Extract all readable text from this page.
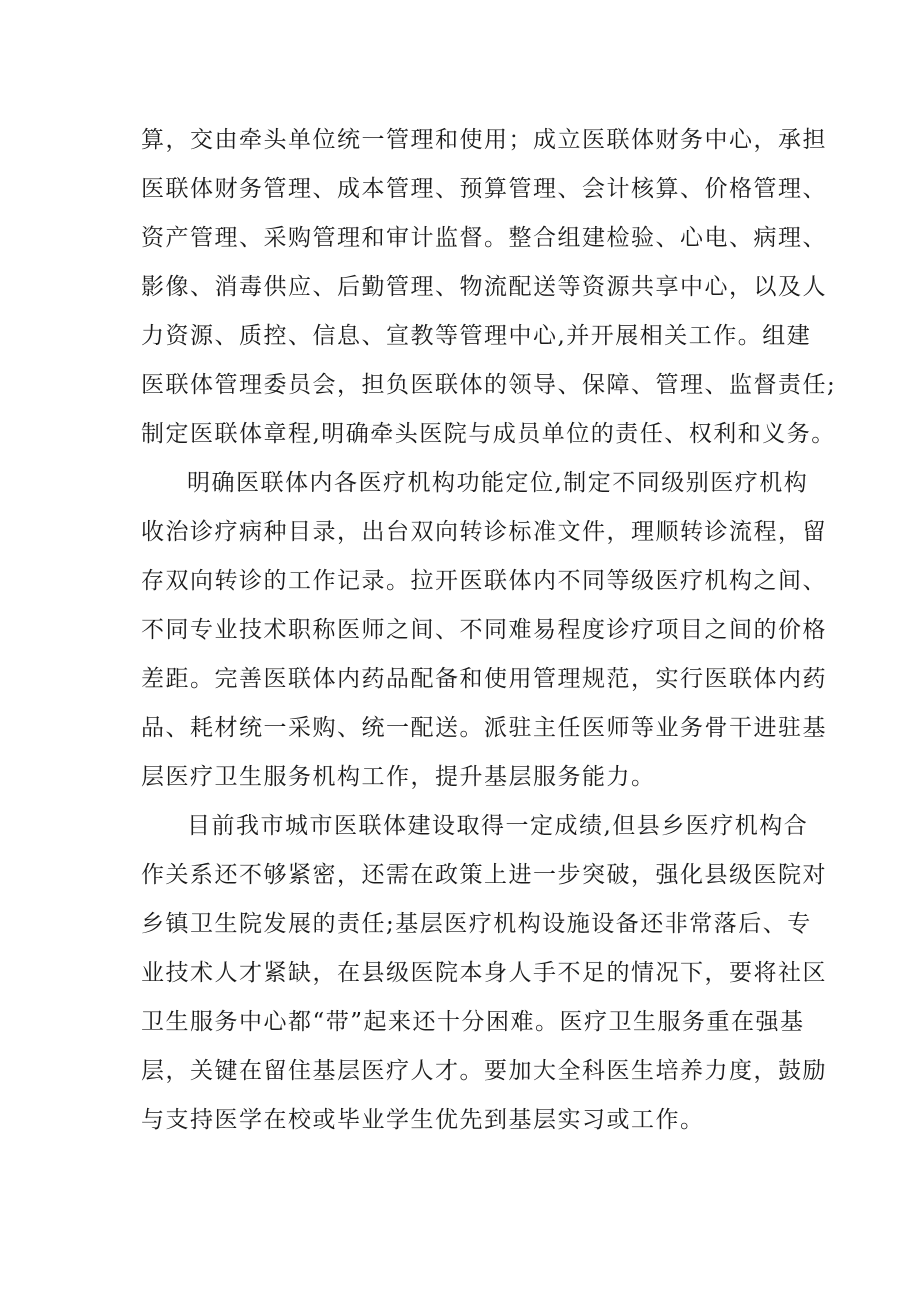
算，交由牵头单位统一管理和使用；成立医联体财务中心，承担
医联体财务管理、成本管理、预算管理、会计核算、价格管理、
资产管理、采购管理和审计监督。整合组建检验、心电、病理、
影像、消毒供应、后勤管理、物流配送等资源共享中心，以及人
力资源、质控、信息、宣教等管理中心,并开展相关工作。组建
医联体管理委员会，担负医联体的领导、保障、管理、监督责任;
制定医联体章程,明确牵头医院与成员单位的责任、权利和义务。
明确医联体内各医疗机构功能定位,制定不同级别医疗机构
收治诊疗病种目录，出台双向转诊标准文件，理顺转诊流程，留
存双向转诊的工作记录。拉开医联体内不同等级医疗机构之间、
不同专业技术职称医师之间、不同难易程度诊疗项目之间的价格
差距。完善医联体内药品配备和使用管理规范，实行医联体内药
品、耗材统一采购、统一配送。派驻主任医师等业务骨干进驻基
层医疗卫生服务机构工作，提升基层服务能力。
目前我市城市医联体建设取得一定成绩,但县乡医疗机构合
作关系还不够紧密，还需在政策上进一步突破，强化县级医院对
乡镇卫生院发展的责任;基层医疗机构设施设备还非常落后、专
业技术人才紧缺，在县级医院本身人手不足的情况下，要将社区
卫生服务中心都“带”起来还十分困难。医疗卫生服务重在强基
层，关键在留住基层医疗人才。要加大全科医生培养力度，鼓励
与支持医学在校或毕业学生优先到基层实习或工作。
